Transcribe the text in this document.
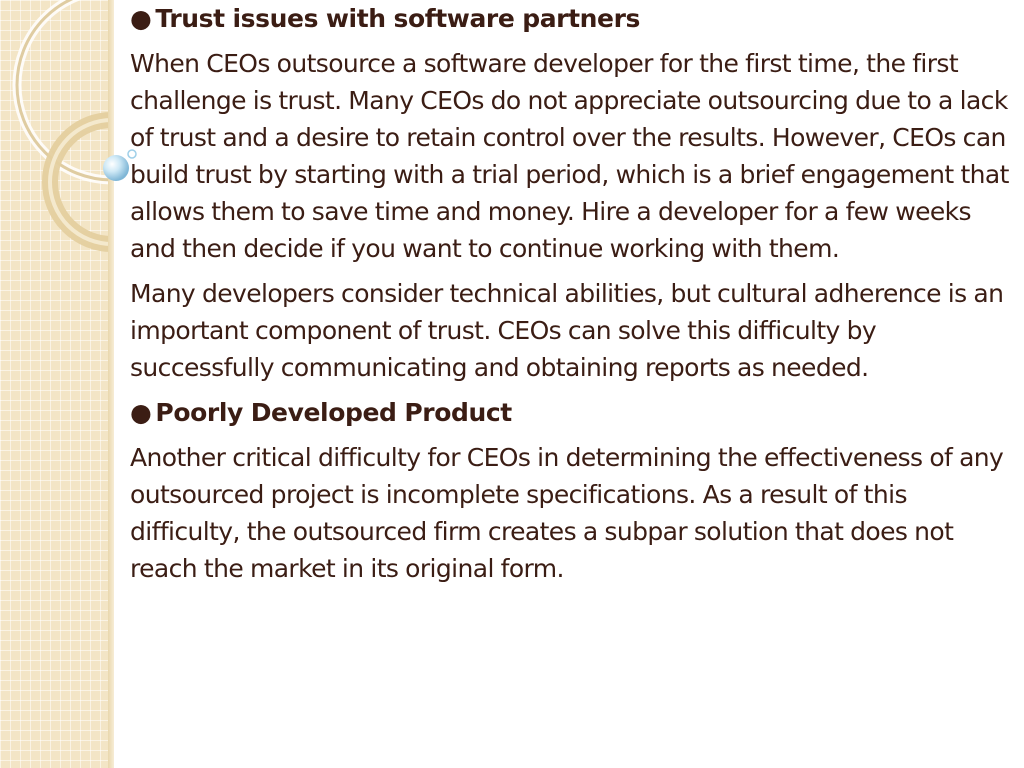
● Trust issues with software partners

When CEOs outsource a software developer for the first time, the first challenge is trust. Many CEOs do not appreciate outsourcing due to a lack of trust and a desire to retain control over the results. However, CEOs can build trust by starting with a trial period, which is a brief engagement that allows them to save time and money. Hire a developer for a few weeks and then decide if you want to continue working with them.

Many developers consider technical abilities, but cultural adherence is an important component of trust. CEOs can solve this difficulty by successfully communicating and obtaining reports as needed.

● Poorly Developed Product

Another critical difficulty for CEOs in determining the effectiveness of any outsourced project is incomplete specifications. As a result of this difficulty, the outsourced firm creates a subpar solution that does not reach the market in its original form.
